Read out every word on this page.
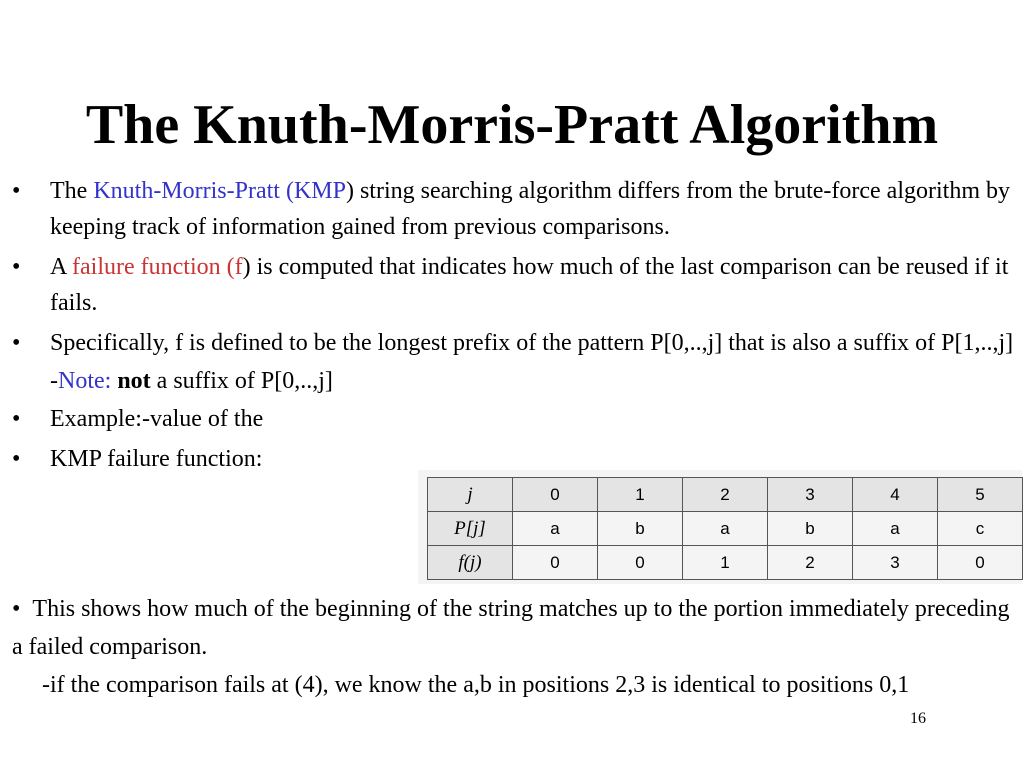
The Knuth-Morris-Pratt Algorithm

• The Knuth-Morris-Pratt (KMP) string searching algorithm differs from the brute-force algorithm by keeping track of information gained from previous comparisons.

• A failure function (f) is computed that indicates how much of the last comparison can be reused if it fails.

• Specifically, f is defined to be the longest prefix of the pattern P[0,..,j] that is also a suffix of P[1,..,j]

-Note: not a suffix of P[0,..,j]

• Example:-value of the

• KMP failure function:

j	0	1	2	3	4	5
P[j]	a	b	a	b	a	c
f(j)	0	0	1	2	3	0

•  This shows how much of the beginning of the string matches up to the portion immediately preceding a failed comparison.

-if the comparison fails at (4), we know the a,b in positions 2,3 is identical to positions 0,1

16
